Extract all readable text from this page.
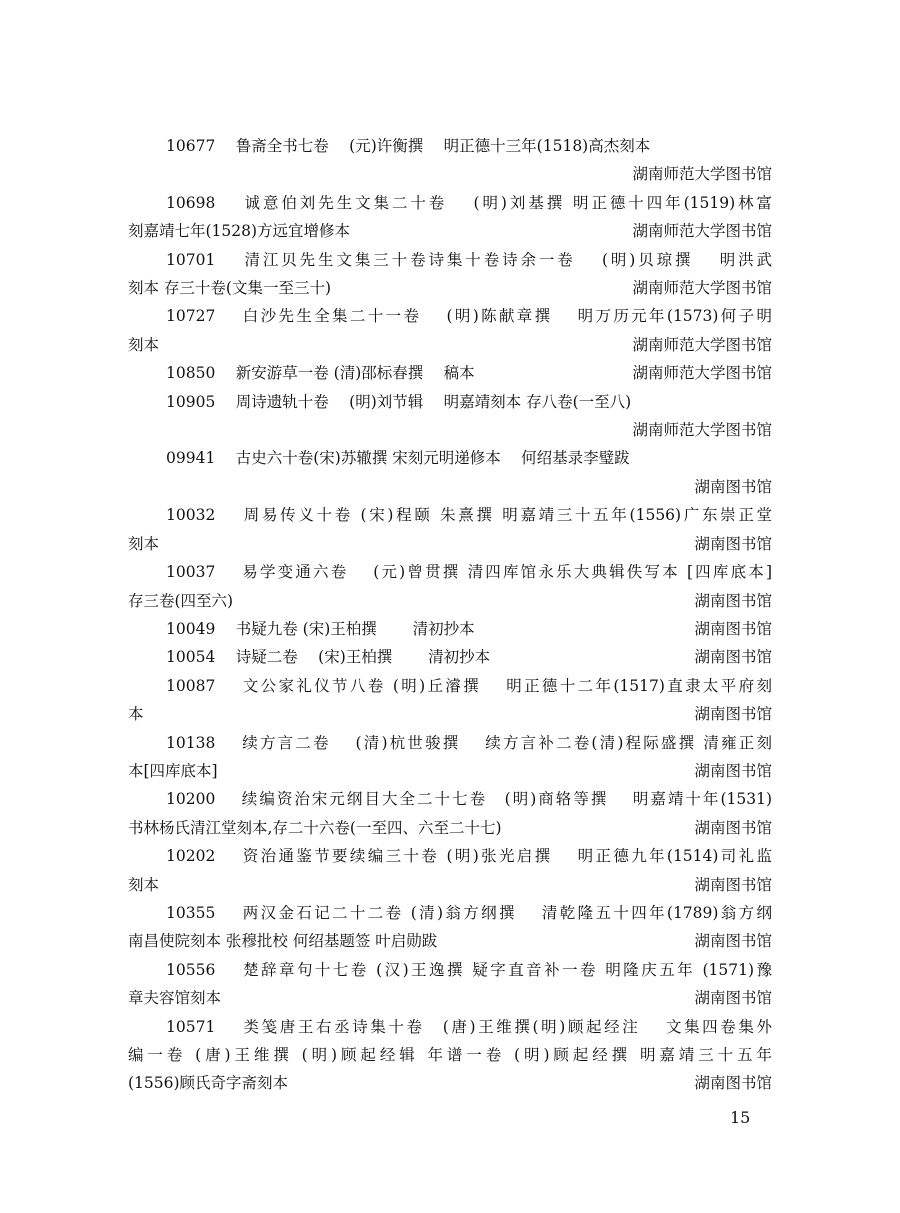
10677　 鲁斋全书七卷　 (元)许衡撰　 明正德十三年(1518)高杰刻本
湖南师范大学图书馆
10698　 诚意伯刘先生文集二十卷　 (明)刘基撰 明正德十四年(1519)林富
刻嘉靖七年(1528)方远宜增修本	湖南师范大学图书馆
10701　 清江贝先生文集三十卷诗集十卷诗余一卷　 (明)贝琼撰　 明洪武
刻本 存三十卷(文集一至三十)	湖南师范大学图书馆
10727　 白沙先生全集二十一卷　 (明)陈献章撰　 明万历元年(1573)何子明
刻本	湖南师范大学图书馆
10850　 新安游草一卷 (清)邵标春撰　 稿本	湖南师范大学图书馆
10905　 周诗遗轨十卷　 (明)刘节辑　 明嘉靖刻本 存八卷(一至八)
湖南师范大学图书馆
09941　 古史六十卷(宋)苏辙撰 宋刻元明递修本　 何绍基录李璧跋
湖南图书馆
10032　 周易传义十卷 (宋)程颐 朱熹撰 明嘉靖三十五年(1556)广东崇正堂
刻本	湖南图书馆
10037　 易学变通六卷　 (元)曾贯撰 清四库馆永乐大典辑佚写本 [四库底本]
存三卷(四至六)	湖南图书馆
10049　 书疑九卷 (宋)王柏撰　　 清初抄本	湖南图书馆
10054　 诗疑二卷　 (宋)王柏撰　　 清初抄本	湖南图书馆
10087　 文公家礼仪节八卷 (明)丘濬撰　 明正德十二年(1517)直隶太平府刻
本	湖南图书馆
10138　 续方言二卷　 (清)杭世骏撰　 续方言补二卷(清)程际盛撰 清雍正刻
本[四库底本]	湖南图书馆
10200　 续编资治宋元纲目大全二十七卷　(明)商辂等撰　 明嘉靖十年(1531)
书林杨氏清江堂刻本,存二十六卷(一至四、六至二十七)	湖南图书馆
10202　 资治通鉴节要续编三十卷 (明)张光启撰　 明正德九年(1514)司礼监
刻本	湖南图书馆
10355　 两汉金石记二十二卷 (清)翁方纲撰　 清乾隆五十四年(1789)翁方纲
南昌使院刻本 张穆批校 何绍基题签 叶启勋跋	湖南图书馆
10556　 楚辞章句十七卷 (汉)王逸撰 疑字直音补一卷 明隆庆五年 (1571)豫
章夫容馆刻本	湖南图书馆
10571　 类笺唐王右丞诗集十卷　(唐)王维撰(明)顾起经注　 文集四卷集外
编一卷 (唐)王维撰 (明)顾起经辑 年谱一卷 (明)顾起经撰 明嘉靖三十五年
(1556)顾氏奇字斋刻本	湖南图书馆
15
